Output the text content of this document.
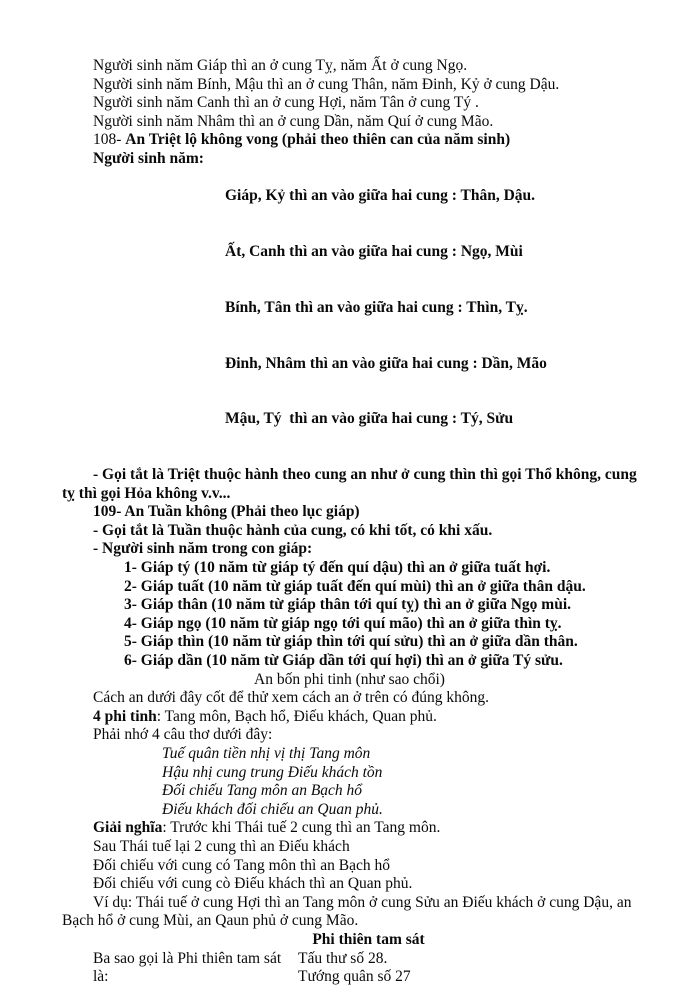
Người sinh năm Giáp thì an ở cung Tỵ, năm Ất ở cung Ngọ.

Người sinh năm Bính, Mậu thì an ở cung Thân, năm Đinh, Kỷ ở cung Dậu.

Người sinh năm Canh thì an ở cung Hợi, năm Tân ở cung Tý .

Người sinh năm Nhâm thì an ở cung Dần, năm Quí ở cung Mão.

108- An Triệt lộ không vong (phải theo thiên can của năm sinh)

Người sinh năm:

Giáp, Kỷ thì an vào giữa hai cung : Thân, Dậu.

Ất, Canh thì an vào giữa hai cung : Ngọ, Mùi

Bính, Tân thì an vào giữa hai cung : Thìn, Tỵ.

Đinh, Nhâm thì an vào giữa hai cung : Dần, Mão

Mậu, Tý  thì an vào giữa hai cung : Tý, Sửu

- Gọi tắt là Triệt thuộc hành theo cung an như ở cung thìn thì gọi Thổ không, cung tỵ thì gọi Hỏa không v.v...

109- An Tuần không (Phải theo lục giáp)

- Gọi tắt là Tuần thuộc hành của cung, có khi tốt, có khi xấu.

- Người sinh năm trong con giáp:

1- Giáp tý (10 năm từ giáp tý đến quí dậu) thì an ở giữa tuất hợi.
2- Giáp tuất (10 năm từ giáp tuất đến quí mùi) thì an ở giữa thân dậu.
3- Giáp thân (10 năm từ giáp thân tới quí tỵ) thì an ở giữa Ngọ mùi.
4- Giáp ngọ (10 năm từ giáp ngọ tới quí mão) thì an ở giữa thìn tỵ.
5- Giáp thìn (10 năm từ giáp thìn tới quí sửu) thì an ở giữa dần thân.
6- Giáp dần (10 năm từ Giáp dần tới quí hợi) thì an ở giữa Tý sửu.

An bốn phi tinh (như sao chổi)

Cách an dưới đây cốt để thử xem cách an ở trên có đúng không.

4 phi tinh: Tang môn, Bạch hổ, Điếu khách, Quan phủ.

Phải nhớ 4 câu thơ dưới đây:

Tuế quân tiền nhị vị thị Tang môn
Hậu nhị cung trung Điếu khách tồn
Đối chiếu Tang môn an Bạch hổ
Điếu khách đối chiếu an Quan phủ.

Giải nghĩa: Trước khi Thái tuế 2 cung thì an Tang môn.

Sau Thái tuế lại 2 cung thì an Điếu khách

Đối chiếu với cung có Tang môn thì an Bạch hổ

Đối chiếu với cung cò Điếu khách thì an Quan phủ.

Ví dụ: Thái tuế ở cung Hợi thì an Tang môn ở cung Sửu an Điếu khách ở cung Dậu, an Bạch hổ ở cung Mùi, an Qaun phủ ở cung Mão.

Phi thiên tam sát

Ba sao gọi là Phi thiên tam sát là:
Tấu thư số 28.
Tướng quân số 27
